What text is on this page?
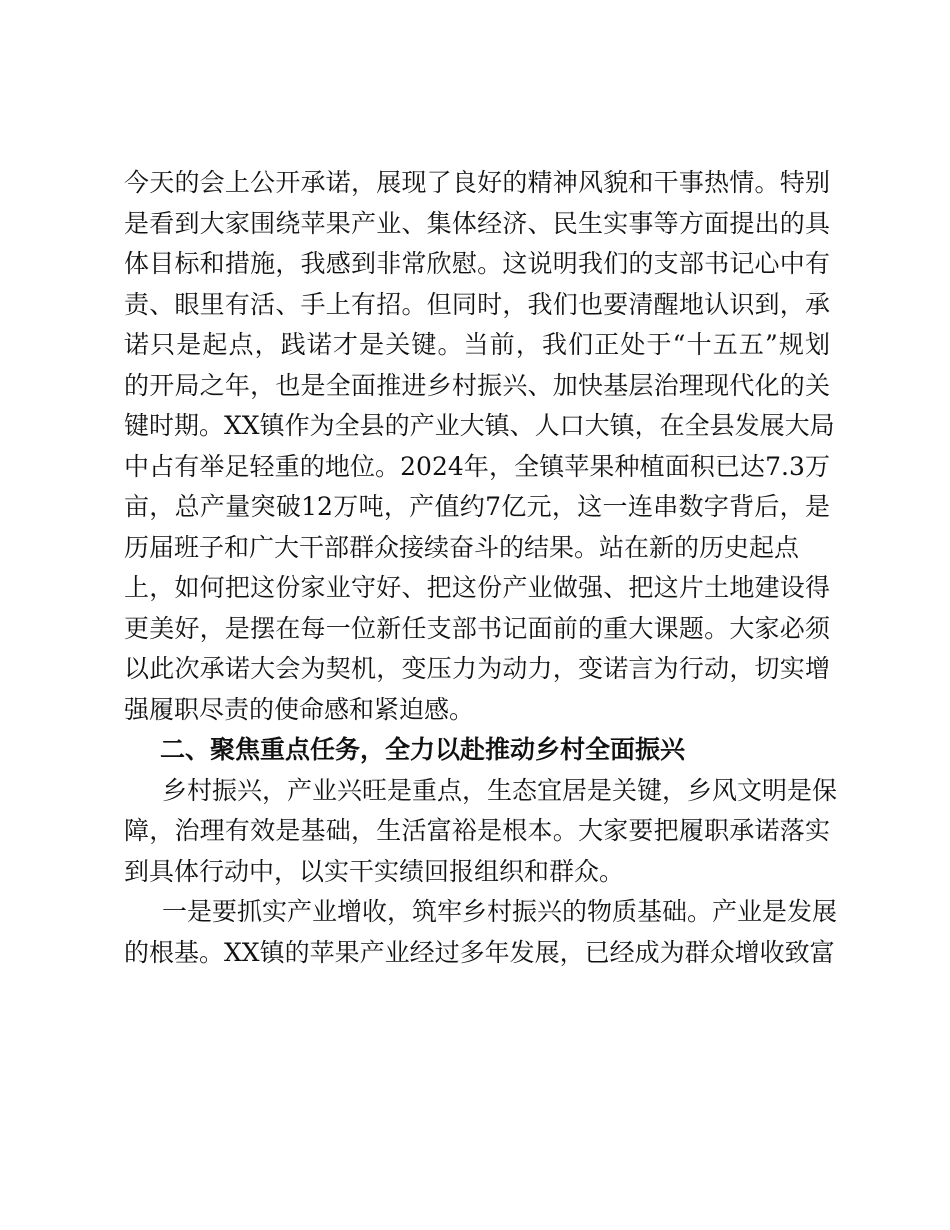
今天的会上公开承诺，展现了良好的精神风貌和干事热情。特别
是看到大家围绕苹果产业、集体经济、民生实事等方面提出的具
体目标和措施，我感到非常欣慰。这说明我们的支部书记心中有
责、眼里有活、手上有招。但同时，我们也要清醒地认识到，承
诺只是起点，践诺才是关键。当前，我们正处于“十五五”规划
的开局之年，也是全面推进乡村振兴、加快基层治理现代化的关
键时期。XX镇作为全县的产业大镇、人口大镇，在全县发展大局
中占有举足轻重的地位。2024年，全镇苹果种植面积已达7.3万
亩，总产量突破12万吨，产值约7亿元，这一连串数字背后，是
历届班子和广大干部群众接续奋斗的结果。站在新的历史起点
上，如何把这份家业守好、把这份产业做强、把这片土地建设得
更美好，是摆在每一位新任支部书记面前的重大课题。大家必须
以此次承诺大会为契机，变压力为动力，变诺言为行动，切实增
强履职尽责的使命感和紧迫感。
二、聚焦重点任务，全力以赴推动乡村全面振兴
乡村振兴，产业兴旺是重点，生态宜居是关键，乡风文明是保
障，治理有效是基础，生活富裕是根本。大家要把履职承诺落实
到具体行动中，以实干实绩回报组织和群众。
一是要抓实产业增收，筑牢乡村振兴的物质基础。产业是发展
的根基。XX镇的苹果产业经过多年发展，已经成为群众增收致富
